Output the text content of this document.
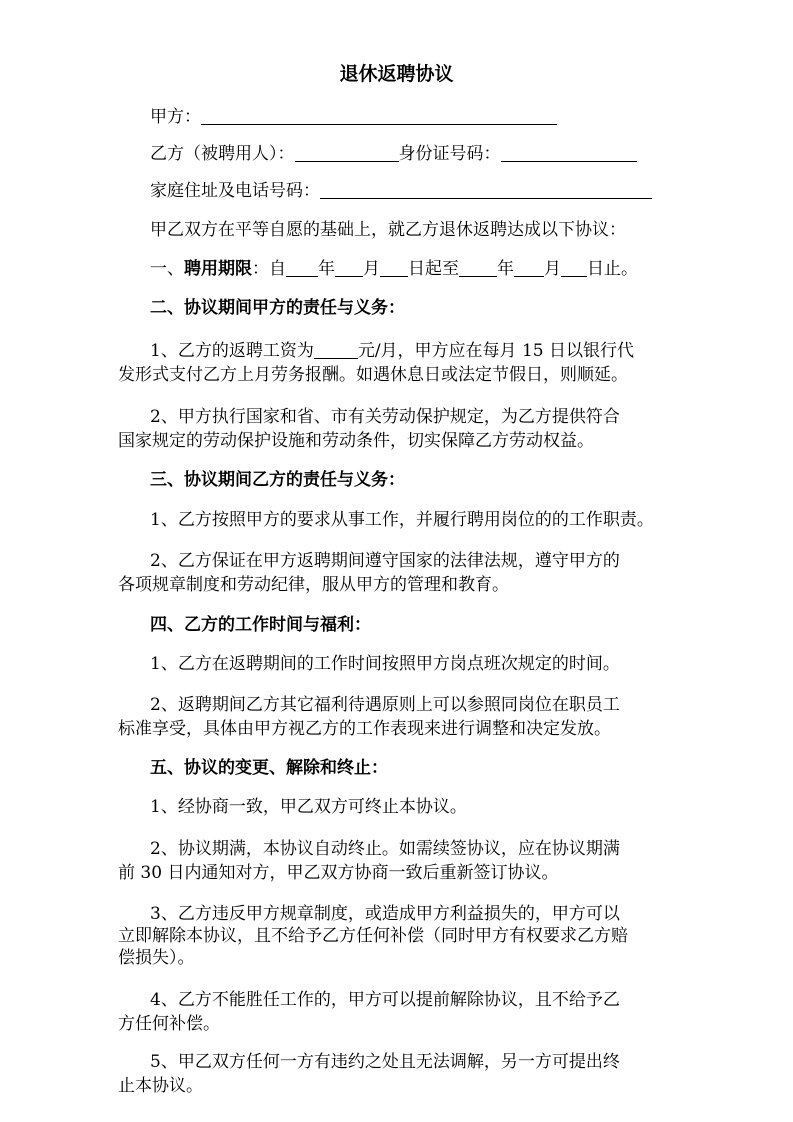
退休返聘协议
甲方：
乙方（被聘用人）：	身份证号码：
家庭住址及电话号码：
甲乙双方在平等自愿的基础上，就乙方退休返聘达成以下协议：
一、聘用期限：自 年 月 日起至 年 月 日止。
二、协议期间甲方的责任与义务：
1、乙方的返聘工资为	元/月，甲方应在每月 15 日以银行代
发形式支付乙方上月劳务报酬。如遇休息日或法定节假日，则顺延。
2、甲方执行国家和省、市有关劳动保护规定，为乙方提供符合
国家规定的劳动保护设施和劳动条件，切实保障乙方劳动权益。
三、协议期间乙方的责任与义务：
1、乙方按照甲方的要求从事工作，并履行聘用岗位的的工作职责。
2、乙方保证在甲方返聘期间遵守国家的法律法规，遵守甲方的
各项规章制度和劳动纪律，服从甲方的管理和教育。
四、乙方的工作时间与福利：
1、乙方在返聘期间的工作时间按照甲方岗点班次规定的时间。
2、返聘期间乙方其它福利待遇原则上可以参照同岗位在职员工
标准享受，具体由甲方视乙方的工作表现来进行调整和决定发放。
五、协议的变更、解除和终止：
1、经协商一致，甲乙双方可终止本协议。
2、协议期满，本协议自动终止。如需续签协议，应在协议期满
前 30 日内通知对方，甲乙双方协商一致后重新签订协议。
3、乙方违反甲方规章制度，或造成甲方利益损失的，甲方可以
立即解除本协议，且不给予乙方任何补偿（同时甲方有权要求乙方赔
偿损失）。
4、乙方不能胜任工作的，甲方可以提前解除协议，且不给予乙
方任何补偿。
5、甲乙双方任何一方有违约之处且无法调解，另一方可提出终
止本协议。
